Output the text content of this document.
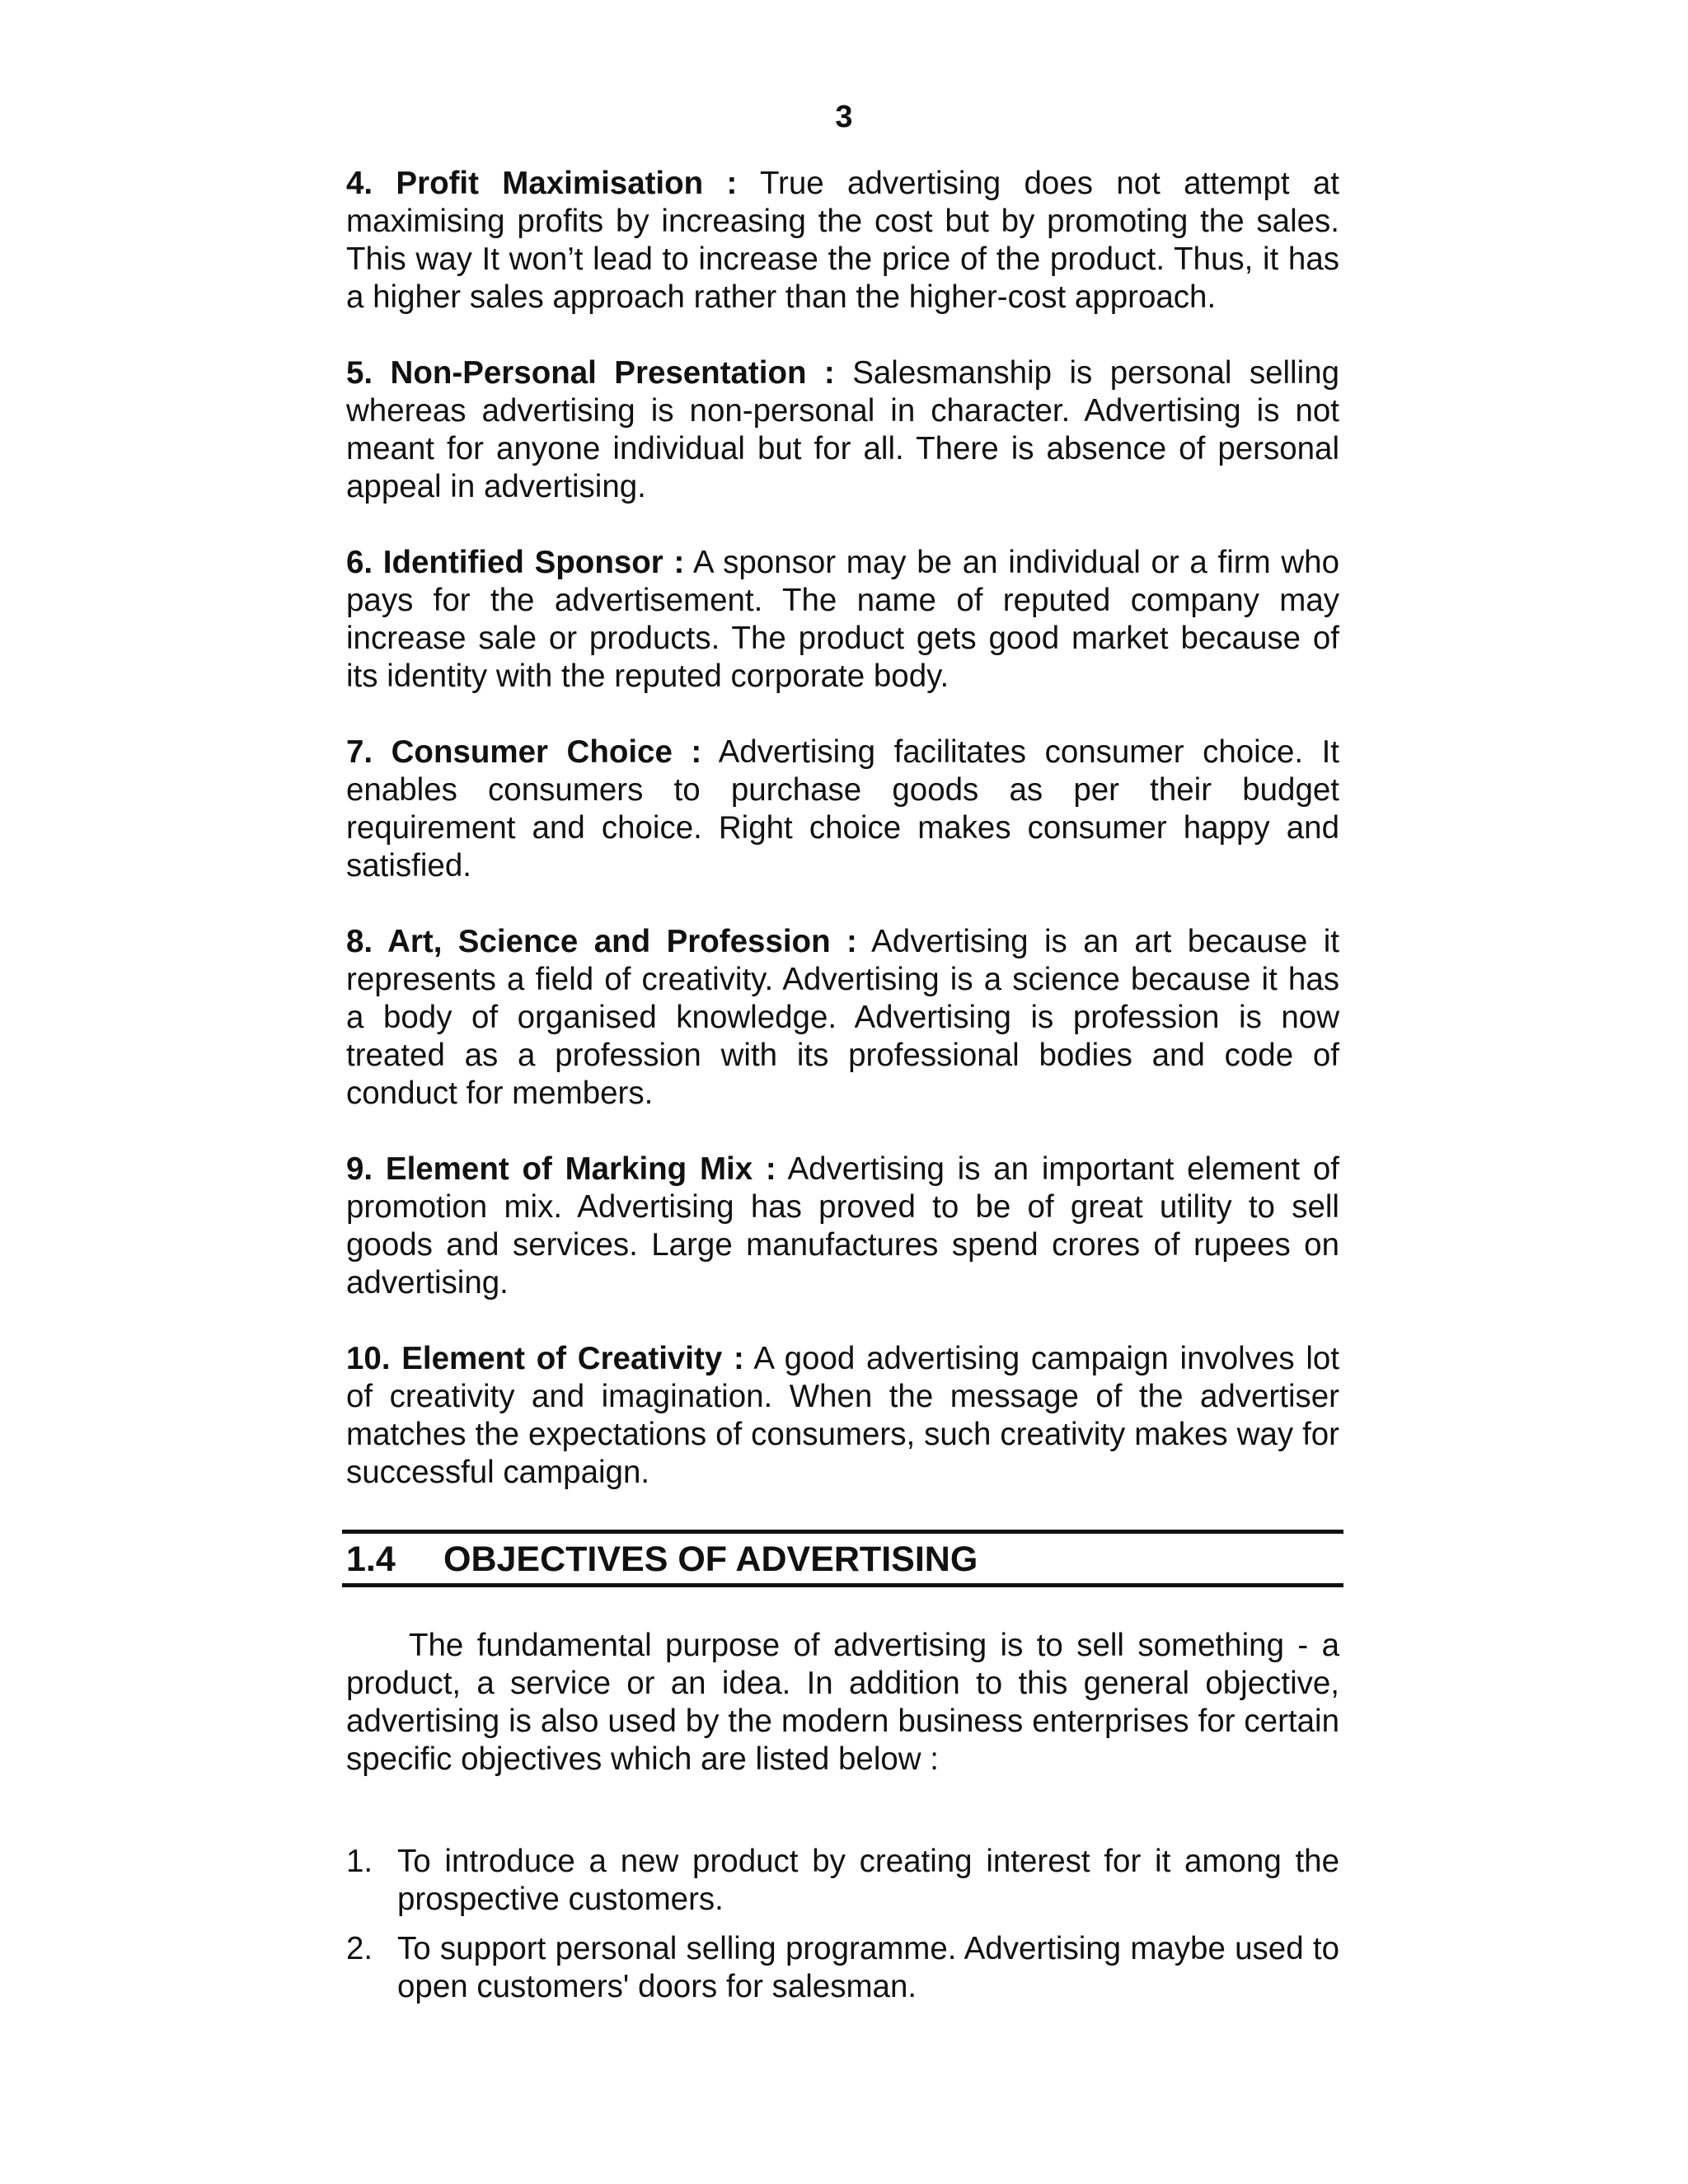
3

4. Profit Maximisation : True advertising does not attempt at maximising profits by increasing the cost but by promoting the sales. This way It won’t lead to increase the price of the product. Thus, it has a higher sales approach rather than the higher-cost approach.

5. Non-Personal Presentation : Salesmanship is personal selling whereas advertising is non-personal in character. Advertising is not meant for anyone individual but for all. There is absence of personal appeal in advertising.

6. Identified Sponsor : A sponsor may be an individual or a firm who pays for the advertisement. The name of reputed company may increase sale or products. The product gets good market because of its identity with the reputed corporate body.

7. Consumer Choice : Advertising facilitates consumer choice. It enables consumers to purchase goods as per their budget requirement and choice. Right choice makes consumer happy and satisfied.

8. Art, Science and Profession : Advertising is an art because it represents a field of creativity. Advertising is a science because it has a body of organised knowledge. Advertising is profession is now treated as a profession with its professional bodies and code of conduct for members.

9. Element of Marking Mix : Advertising is an important element of promotion mix. Advertising has proved to be of great utility to sell goods and services. Large manufactures spend crores of rupees on advertising.

10. Element of Creativity : A good advertising campaign involves lot of creativity and imagination. When the message of the advertiser matches the expectations of consumers, such creativity makes way for successful campaign.

1.4	OBJECTIVES OF ADVERTISING

The fundamental purpose of advertising is to sell something - a product, a service or an idea. In addition to this general objective, advertising is also used by the modern business enterprises for certain specific objectives which are listed below :

1. To introduce a new product by creating interest for it among the prospective customers.
2. To support personal selling programme. Advertising maybe used to open customers' doors for salesman.
